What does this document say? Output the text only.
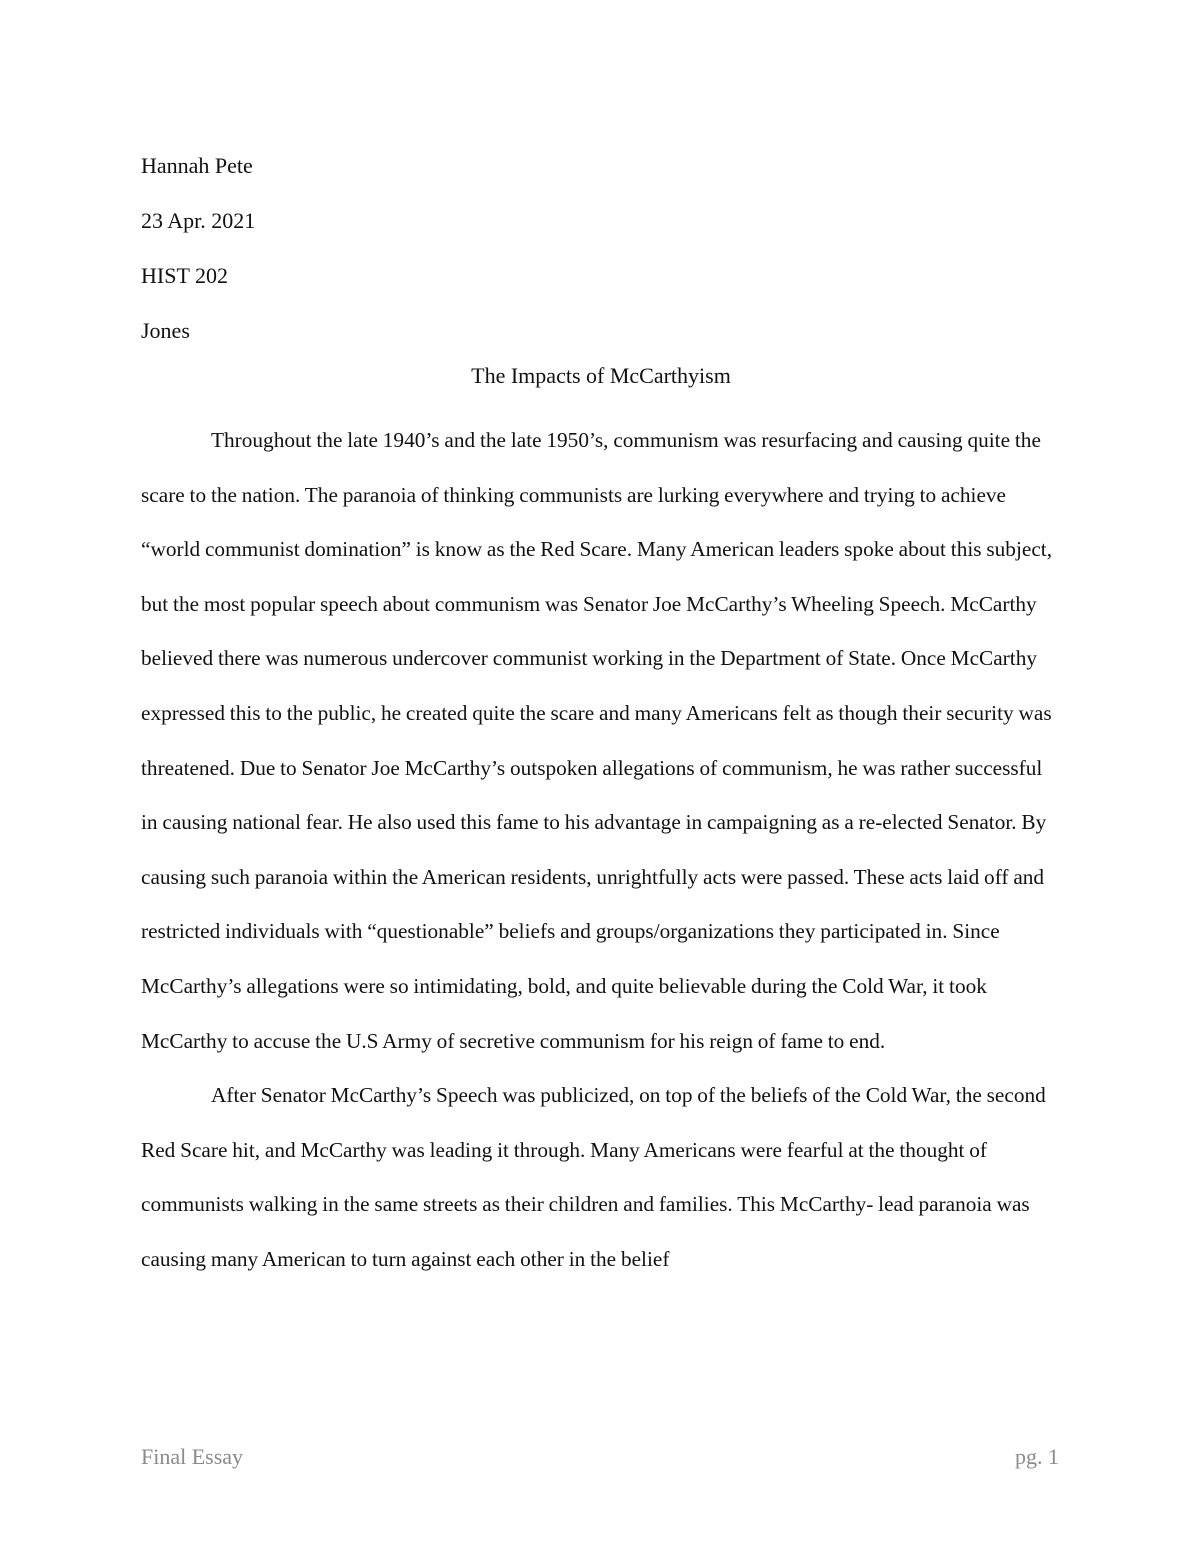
Hannah Pete
23 Apr. 2021
HIST 202
Jones
The Impacts of McCarthyism

Throughout the late 1940’s and the late 1950’s, communism was resurfacing and causing quite the scare to the nation. The paranoia of thinking communists are lurking everywhere and trying to achieve “world communist domination” is know as the Red Scare. Many American leaders spoke about this subject, but the most popular speech about communism was Senator Joe McCarthy’s Wheeling Speech. McCarthy believed there was numerous undercover communist working in the Department of State. Once McCarthy expressed this to the public, he created quite the scare and many Americans felt as though their security was threatened. Due to Senator Joe McCarthy’s outspoken allegations of communism, he was rather successful in causing national fear. He also used this fame to his advantage in campaigning as a re-elected Senator. By causing such paranoia within the American residents, unrightfully acts were passed. These acts laid off and restricted individuals with “questionable” beliefs and groups/organizations they participated in. Since McCarthy’s allegations were so intimidating, bold, and quite believable during the Cold War, it took McCarthy to accuse the U.S Army of secretive communism for his reign of fame to end.

After Senator McCarthy’s Speech was publicized, on top of the beliefs of the Cold War, the second Red Scare hit, and McCarthy was leading it through. Many Americans were fearful at the thought of communists walking in the same streets as their children and families. This McCarthy- lead paranoia was causing many American to turn against each other in the belief

Final Essay	pg. 1
